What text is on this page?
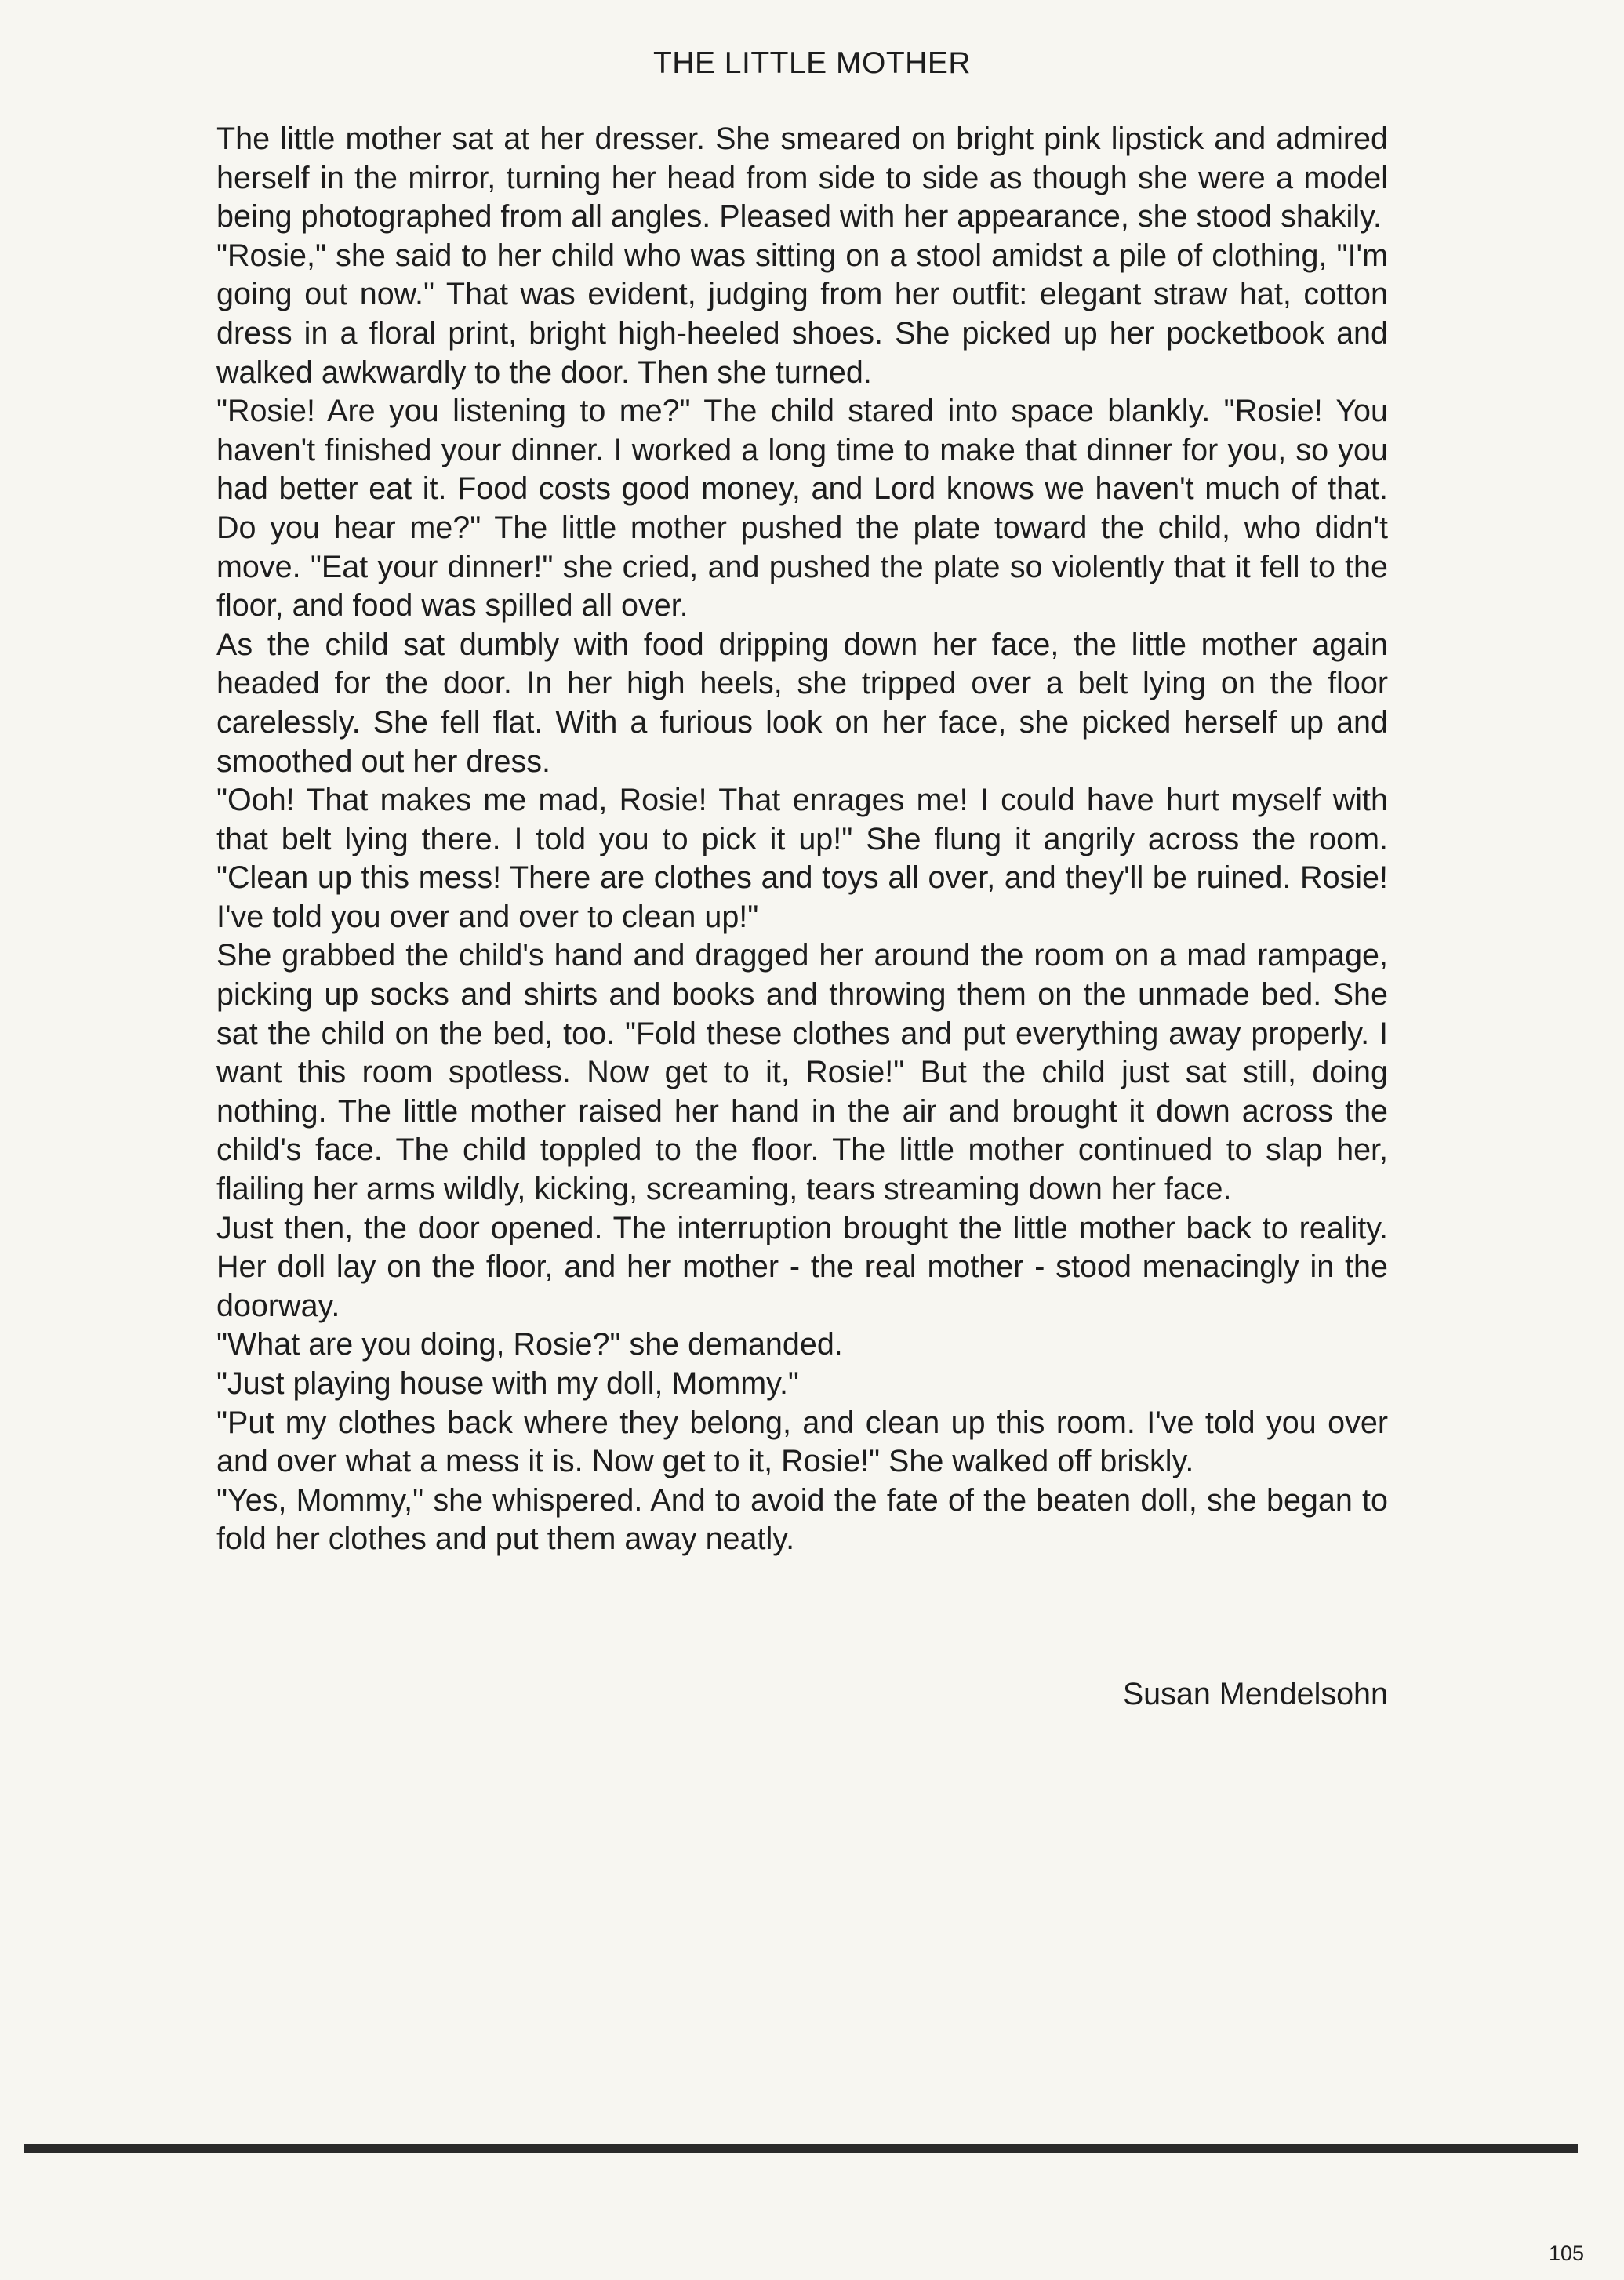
THE LITTLE MOTHER

The little mother sat at her dresser. She smeared on bright pink lipstick and admired herself in the mirror, turning her head from side to side as though she were a model being photographed from all angles. Pleased with her appearance, she stood shakily.

"Rosie," she said to her child who was sitting on a stool amidst a pile of clothing, "I'm going out now." That was evident, judging from her outfit: elegant straw hat, cotton dress in a floral print, bright high-heeled shoes. She picked up her pocketbook and walked awkwardly to the door. Then she turned.

"Rosie! Are you listening to me?" The child stared into space blankly. "Rosie! You haven't finished your dinner. I worked a long time to make that dinner for you, so you had better eat it. Food costs good money, and Lord knows we haven't much of that. Do you hear me?" The little mother pushed the plate toward the child, who didn't move. "Eat your dinner!" she cried, and pushed the plate so violently that it fell to the floor, and food was spilled all over.

As the child sat dumbly with food dripping down her face, the little mother again headed for the door. In her high heels, she tripped over a belt lying on the floor carelessly. She fell flat. With a furious look on her face, she picked herself up and smoothed out her dress.

"Ooh! That makes me mad, Rosie! That enrages me! I could have hurt myself with that belt lying there. I told you to pick it up!" She flung it angrily across the room. "Clean up this mess! There are clothes and toys all over, and they'll be ruined. Rosie! I've told you over and over to clean up!"

She grabbed the child's hand and dragged her around the room on a mad rampage, picking up socks and shirts and books and throwing them on the unmade bed. She sat the child on the bed, too. "Fold these clothes and put everything away properly. I want this room spotless. Now get to it, Rosie!" But the child just sat still, doing nothing. The little mother raised her hand in the air and brought it down across the child's face. The child toppled to the floor. The little mother continued to slap her, flailing her arms wildly, kicking, screaming, tears streaming down her face.

Just then, the door opened. The interruption brought the little mother back to reality. Her doll lay on the floor, and her mother - the real mother - stood menacingly in the doorway.

"What are you doing, Rosie?" she demanded.

"Just playing house with my doll, Mommy."

"Put my clothes back where they belong, and clean up this room. I've told you over and over what a mess it is. Now get to it, Rosie!" She walked off briskly.

"Yes, Mommy," she whispered. And to avoid the fate of the beaten doll, she began to fold her clothes and put them away neatly.

Susan Mendelsohn
105
